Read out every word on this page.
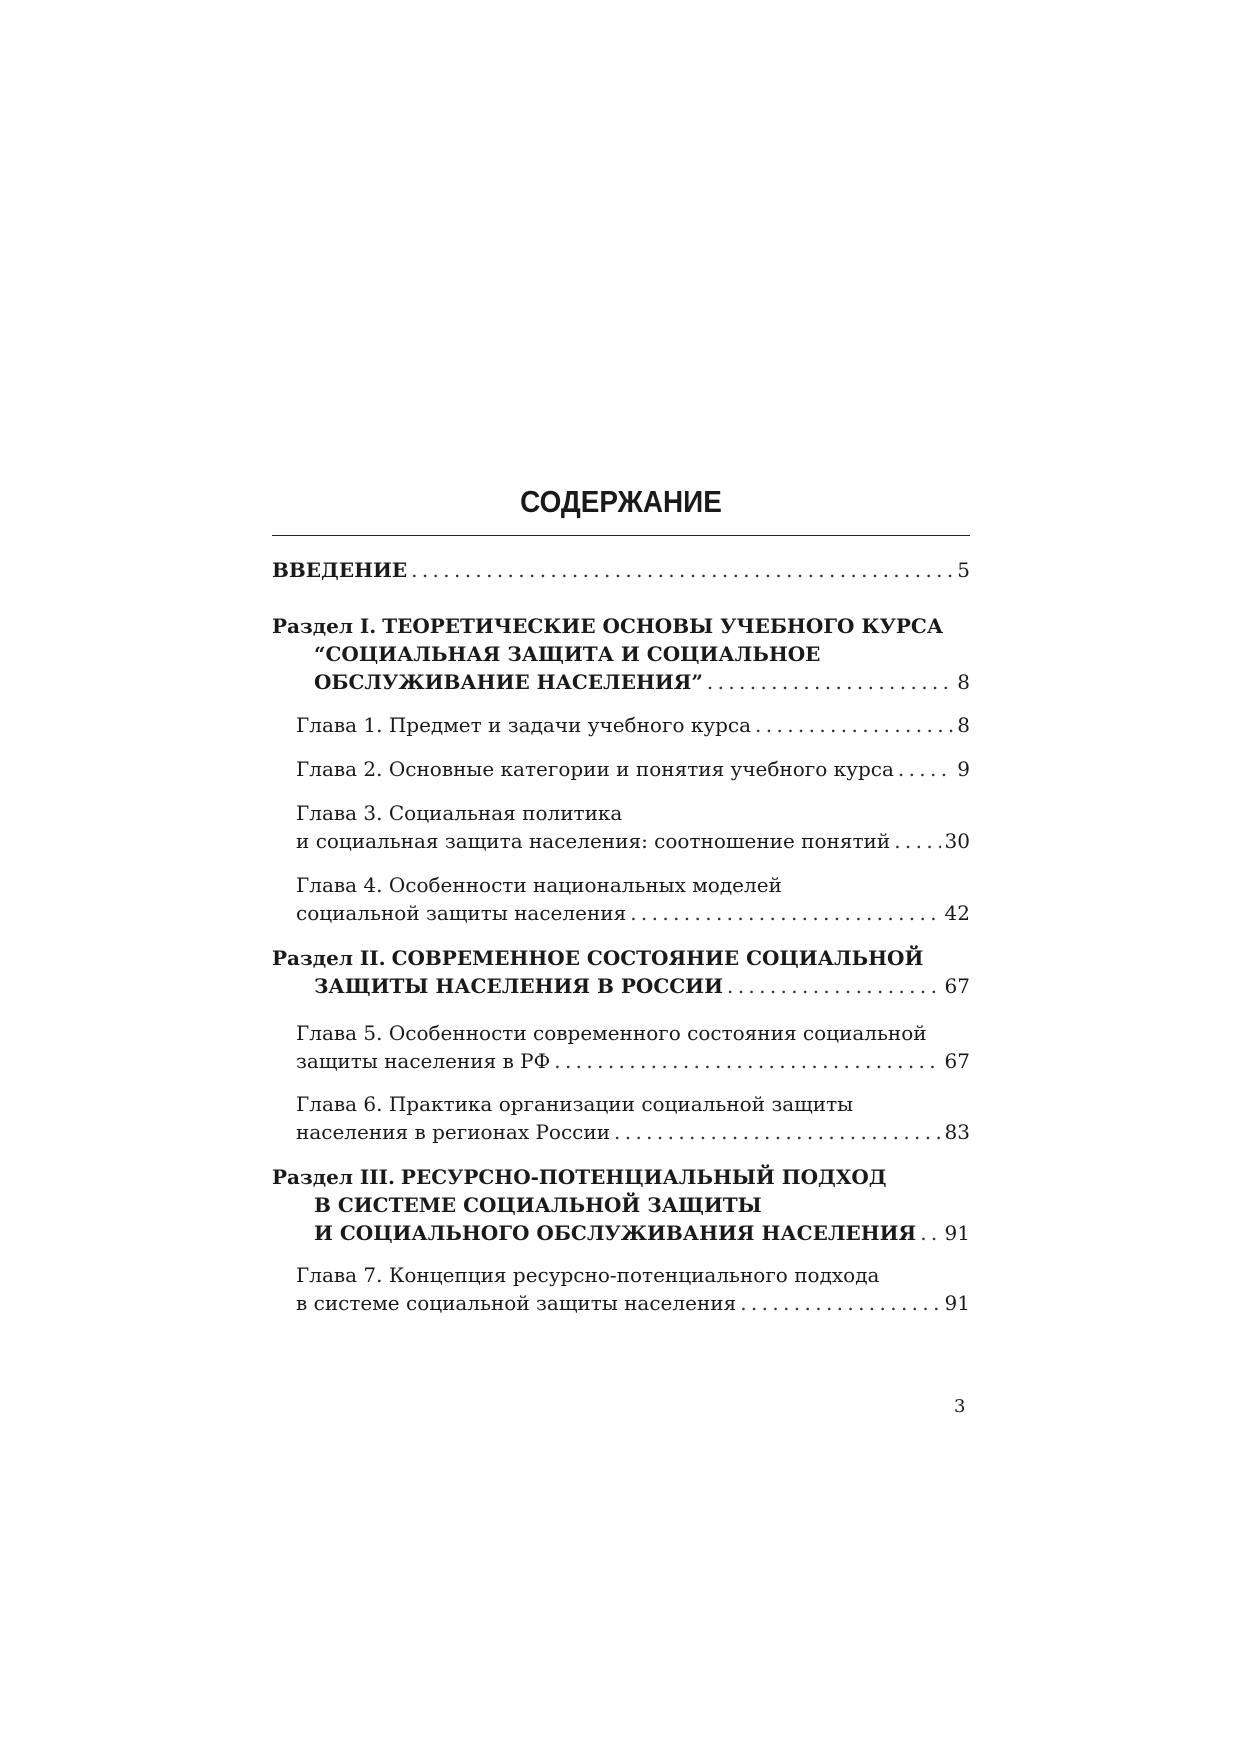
СОДЕРЖАНИЕ
ВВЕДЕНИЕ . . .	5
Раздел I. ТЕОРЕТИЧЕСКИЕ ОСНОВЫ УЧЕБНОГО КУРСА
“СОЦИАЛЬНАЯ ЗАЩИТА И СОЦИАЛЬНОЕ
ОБСЛУЖИВАНИЕ НАСЕЛЕНИЯ” . . .	8
Глава 1. Предмет и задачи учебного курса . . .	8
Глава 2. Основные категории и понятия учебного курса . . .	9
Глава 3. Социальная политика
и социальная защита населения: соотношение понятий . . .	30
Глава 4. Особенности национальных моделей
социальной защиты населения . . .	42
Раздел II. СОВРЕМЕННОЕ СОСТОЯНИЕ СОЦИАЛЬНОЙ
ЗАЩИТЫ НАСЕЛЕНИЯ В РОССИИ . . .	67
Глава 5. Особенности современного состояния социальной
защиты населения в РФ . . .	67
Глава 6. Практика организации социальной защиты
населения в регионах России . . .	83
Раздел III. РЕСУРСНО-ПОТЕНЦИАЛЬНЫЙ ПОДХОД
В СИСТЕМЕ СОЦИАЛЬНОЙ ЗАЩИТЫ
И СОЦИАЛЬНОГО ОБСЛУЖИВАНИЯ НАСЕЛЕНИЯ . . . 91
Глава 7. Концепция ресурсно-потенциального подхода
в системе социальной защиты населения . . .	91
3
